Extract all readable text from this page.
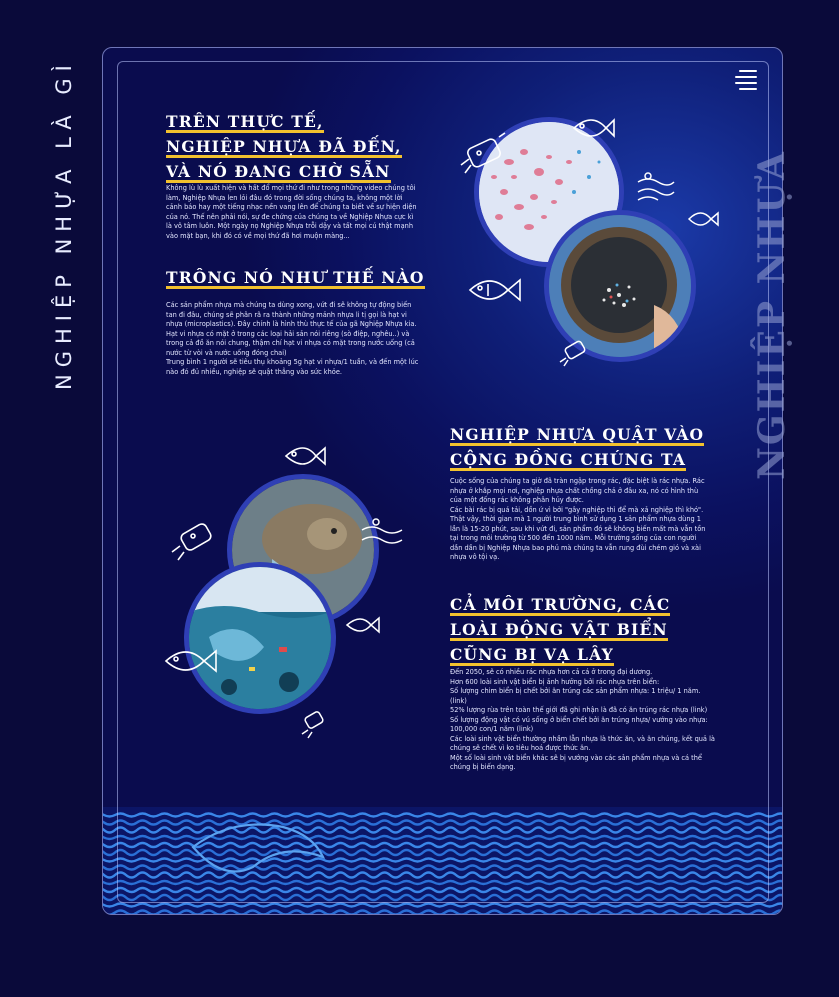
NGHIỆP NHỰA LÀ GÌ	NGHIỆP NHỰA
TRÊN THỰC TẾ,
NGHIỆP NHỰA ĐÃ ĐẾN,
VÀ NÓ ĐANG CHỜ SẴN

Không lù lù xuất hiện và hất đổ mọi thứ đi như trong những video chúng tôi làm, Nghiệp Nhựa len lỏi đâu đó trong đời sống chúng ta, không một lời cảnh báo hay một tiếng nhạc nền vang lên để chúng ta biết về sự hiện diện của nó. Thế nên phải nói, sự đe chứng của chúng ta về Nghiệp Nhựa cực kì là vô tâm luôn. Một ngày nọ Nghiệp Nhựa trỗi dậy và tất mọi cú thật mạnh vào mặt bạn, khi đó có về mọi thứ đã hơi muộn màng...

TRÔNG NÓ NHƯ THẾ NÀO

Các sản phẩm nhựa mà chúng ta dùng xong, vứt đi sẽ không tự động biến tan đi đâu, chúng sẽ phân rã ra thành những mảnh nhựa li tị gọi là hạt vi nhựa (microplastics). Đây chính là hình thù thực tế của gã Nghiệp Nhựa kia.

Hạt vi nhựa có mặt ở trong các loại hải sản nói riêng (sò điệp, nghêu..) và trong cả đồ ăn nói chung, thậm chí hạt vi nhựa có mặt trong nước uống (cả nước từ vòi và nước uống đóng chai)

Trung bình 1 người sẽ tiêu thụ khoảng 5g hạt vi nhựa/1 tuần, và đến một lúc nào đó đủ nhiều, nghiệp sẽ quật thẳng vào sức khỏe.

NGHIỆP NHỰA QUẬT VÀO
CỘNG ĐỒNG CHÚNG TA

Cuộc sống của chúng ta giờ đã tràn ngập trong rác, đặc biệt là rác nhựa. Rác nhựa ở khắp mọi nơi, nghiệp nhựa chất chồng chả ở đâu xa, nó có hình thù của một đống rác không phân hủy được.

Các bài rác bị quá tải, dồn ứ vì bởi "gây nghiệp thì để mà xả nghiệp thì khó". Thật vậy, thời gian mà 1 người trung bình sử dụng 1 sản phẩm nhựa dùng 1 lần là 15-20 phút, sau khi vứt đi, sản phẩm đó sẽ không biến mất mà vẫn tồn tại trong môi trường từ 500 đến 1000 năm. Mỗi trường sống của con người dần dần bị Nghiệp Nhựa bao phủ mà chúng ta vẫn rung đùi chém gió và xài nhựa vô tội vạ.

CẢ MÔI TRƯỜNG, CÁC
LOÀI ĐỘNG VẬT BIỂN
CŨNG BỊ VẠ LÂY

Đến 2050, sẽ có nhiều rác nhựa hơn cả cá ở trong đại dương.

Hơn 600 loài sinh vật biển bị ảnh hưởng bởi rác nhựa trên biển:

Số lượng chim biển bị chết bởi ăn trúng các sản phẩm nhựa: 1 triệu/ 1 năm. (link)

52% lượng rùa trên toàn thế giới đã ghi nhận là đã có ăn trúng rác nhựa (link)

Số lượng động vật có vú sống ở biển chết bởi ăn trúng nhựa/ vướng vào nhựa: 100,000 con/1 năm (link)

Các loài sinh vật biển thường nhầm lẫn nhựa là thức ăn, và ăn chúng, kết quả là chúng sẽ chết vì ko tiêu hoá được thức ăn.

Một số loài sinh vật biển khác sẽ bị vướng vào các sản phẩm nhựa và cá thể chúng bị biến dạng.
